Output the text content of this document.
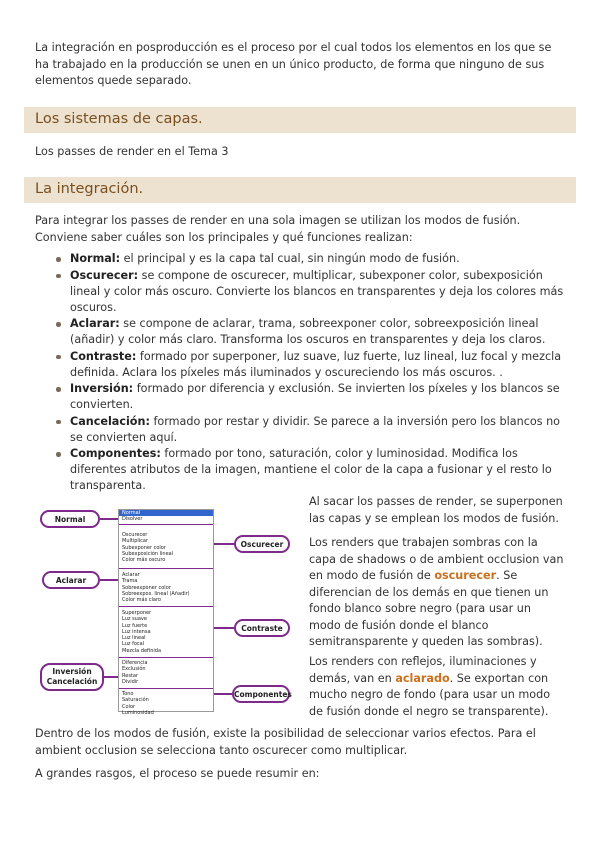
La integración en posproducción es el proceso por el cual todos los elementos en los que se ha trabajado en la producción se unen en un único producto, de forma que ninguno de sus elementos quede separado.

Los sistemas de capas.

Los passes de render en el Tema 3

La integración.

Para integrar los passes de render en una sola imagen se utilizan los modos de fusión. Conviene saber cuáles son los principales y qué funciones realizan:

Normal: el principal y es la capa tal cual, sin ningún modo de fusión.
Oscurecer: se compone de oscurecer, multiplicar, subexponer color, subexposición lineal y color más oscuro. Convierte los blancos en transparentes y deja los colores más oscuros.
Aclarar: se compone de aclarar, trama, sobreexponer color, sobreexposición lineal (añadir) y color más claro. Transforma los oscuros en transparentes y deja los claros.
Contraste: formado por superponer, luz suave, luz fuerte, luz lineal, luz focal y mezcla definida. Aclara los píxeles más iluminados y oscureciendo los más oscuros. .
Inversión: formado por diferencia y exclusión. Se invierten los píxeles y los blancos se convierten.
Cancelación: formado por restar y dividir. Se parece a la inversión pero los blancos no se convierten aquí.
Componentes: formado por tono, saturación, color y luminosidad. Modifica los diferentes atributos de la imagen, mantiene el color de la capa a fusionar y el resto lo transparenta.
Normal
Disolver
Oscurecer
Multiplicar
Subexponer color
Subexposición lineal
Color más oscuro
Aclarar
Trama
Sobreexponer color
Sobreexpos. lineal (Añadir)
Color más claro
Superponer
Luz suave
Luz fuerte
Luz intensa
Luz lineal
Luz focal
Mezcla definida
Diferencia
Exclusión
Restar
Dividir
Tono
Saturación
Color
Luminosidad
Normal
Aclarar
Inversión
Cancelación
Oscurecer
Contraste
Componentes

Al sacar los passes de render, se superponen las capas y se emplean los modos de fusión.

Los renders que trabajen sombras con la capa de shadows o de ambient occlusion van en modo de fusión de oscurecer. Se diferencian de los demás en que tienen un fondo blanco sobre negro (para usar un modo de fusión donde el blanco semitransparente y queden las sombras).

Los renders con reflejos, iluminaciones y demás, van en aclarado. Se exportan con mucho negro de fondo (para usar un modo de fusión donde el negro se transparente).

Dentro de los modos de fusión, existe la posibilidad de seleccionar varios efectos. Para el ambient occlusion se selecciona tanto oscurecer como multiplicar.

A grandes rasgos, el proceso se puede resumir en:
